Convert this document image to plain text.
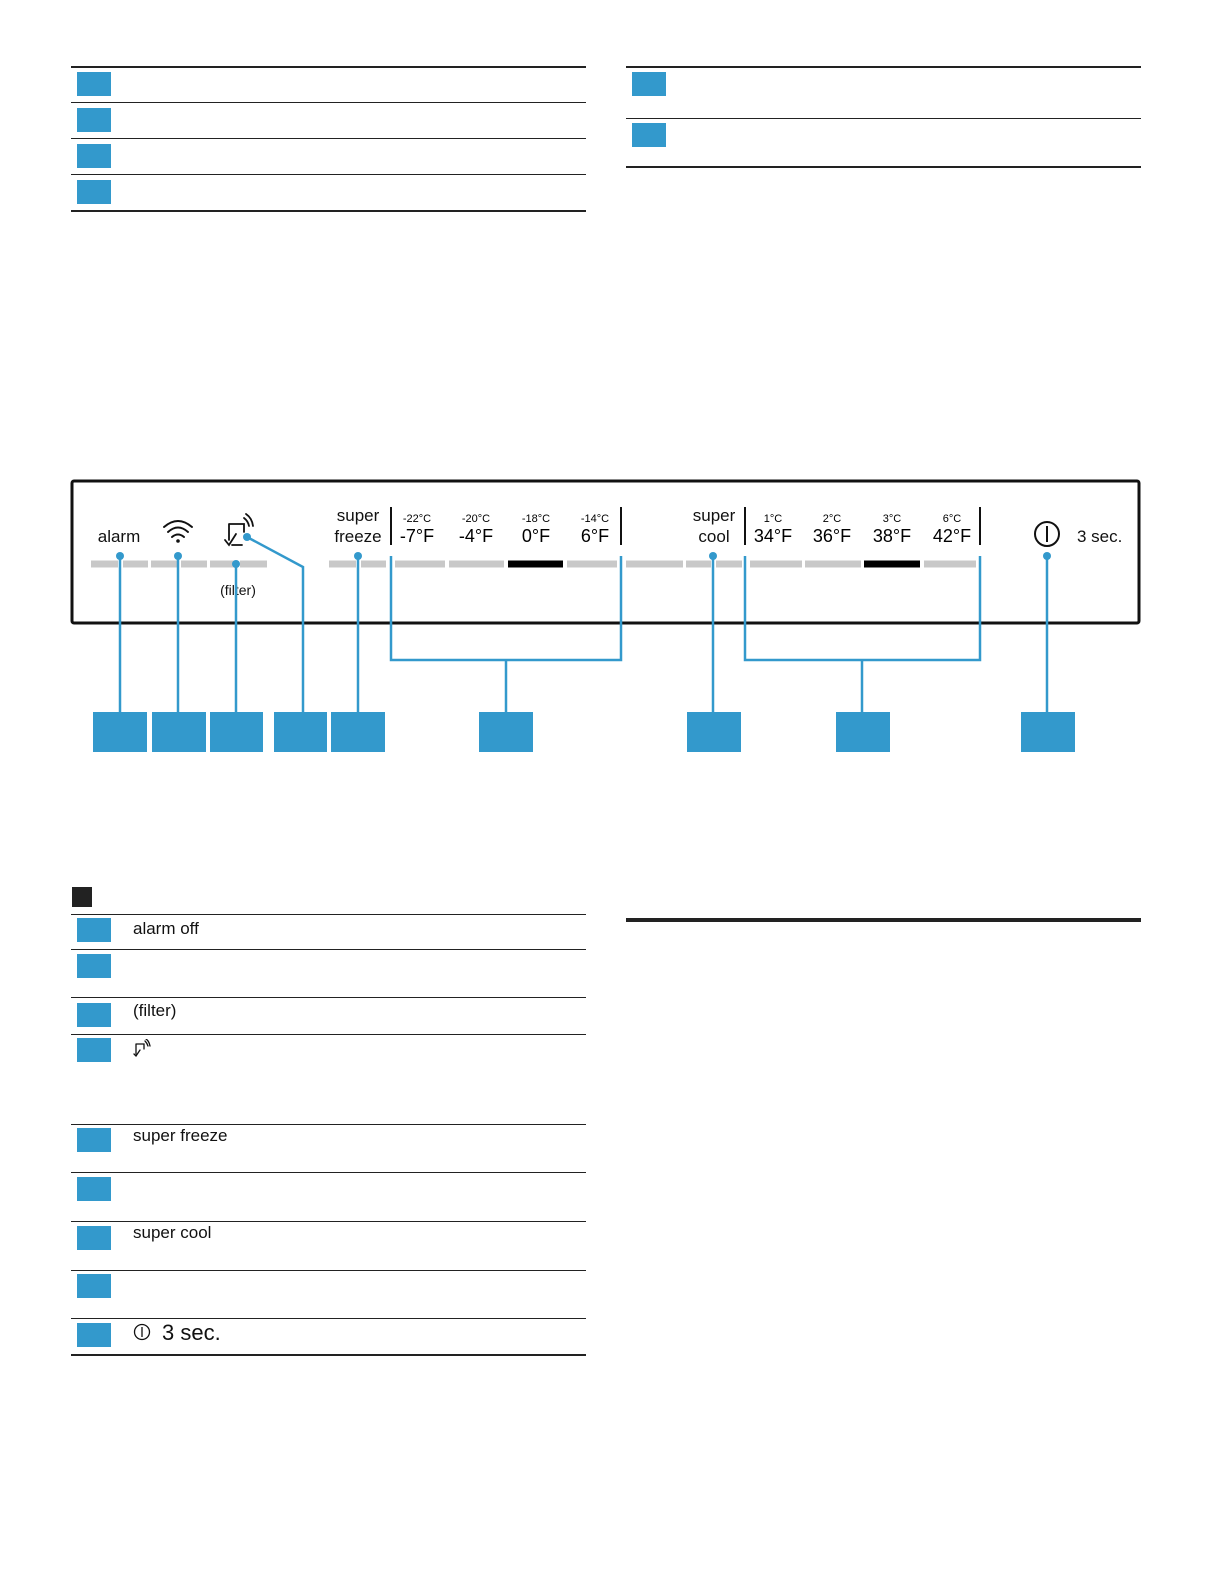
alarm
(filter)
super
freeze
-22°C
-7°F
-20°C
-4°F
-18°C
0°F
-14°C
6°F
super
cool
1°C
34°F
2°C
36°F
3°C
38°F
6°C
42°F	3 sec.
alarm off
(filter)
super freeze
super cool
3 sec.
